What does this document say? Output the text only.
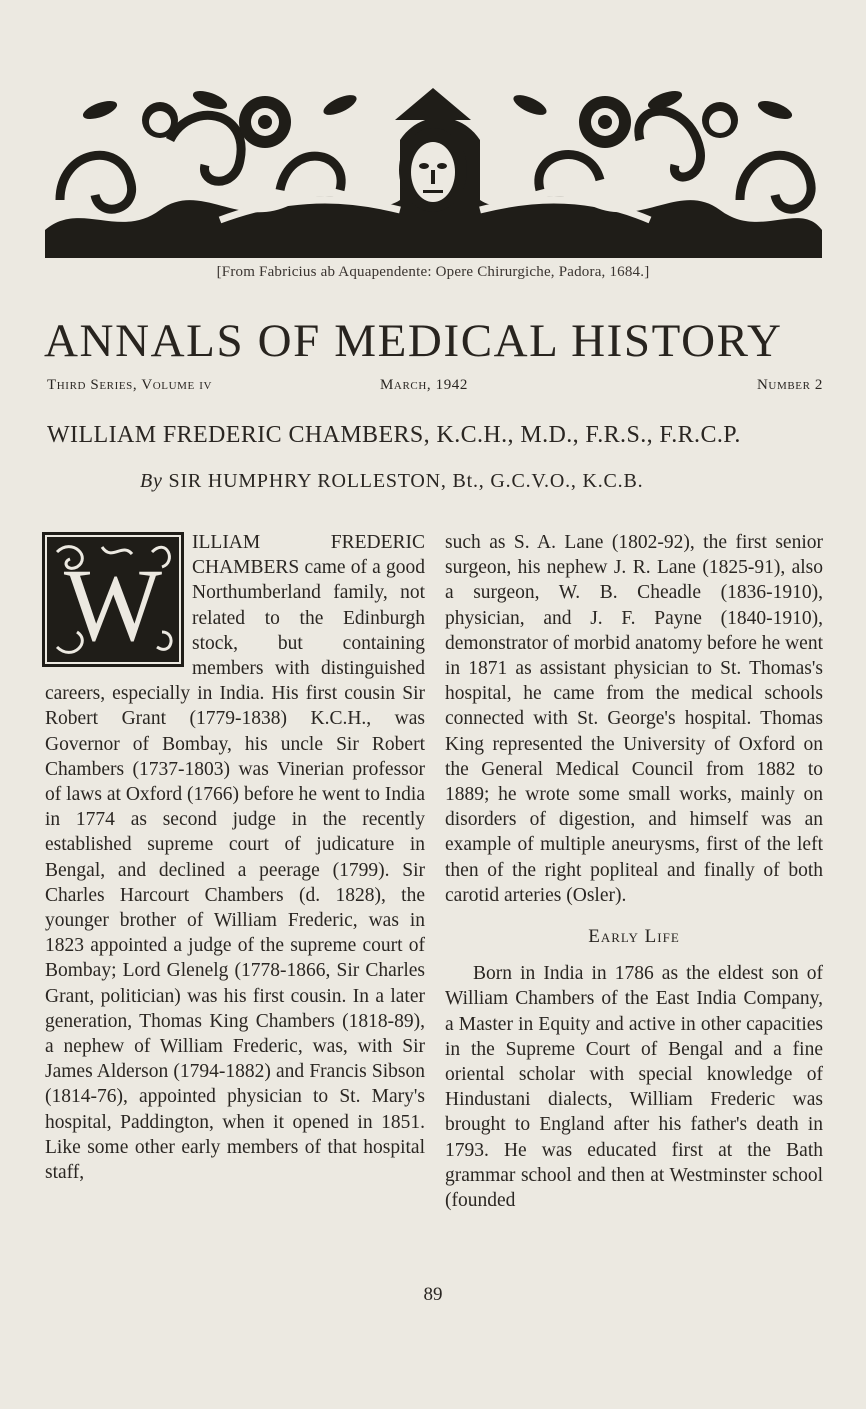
[From Fabricius ab Aquapendente: Opere Chirurgiche, Padora, 1684.]
ANNALS OF MEDICAL HISTORY
Third Series, Volume iv	March, 1942	Number 2
WILLIAM FREDERIC CHAMBERS, K.C.H., M.D., F.R.S., F.R.C.P.
By SIR HUMPHRY ROLLESTON, Bt., G.C.V.O., K.C.B.
W

ILLIAM FREDERIC CHAMBERS came of a good Northumberland family, not related to the Edinburgh stock, but containing members with distinguished careers, especially in India. His first cousin Sir Robert Grant (1779-1838) K.C.H., was Governor of Bombay, his uncle Sir Robert Chambers (1737-1803) was Vinerian professor of laws at Oxford (1766) before he went to India in 1774 as second judge in the recently established supreme court of judicature in Bengal, and declined a peerage (1799). Sir Charles Harcourt Chambers (d. 1828), the younger brother of William Frederic, was in 1823 appointed a judge of the supreme court of Bombay; Lord Glenelg (1778-1866, Sir Charles Grant, politician) was his first cousin. In a later generation, Thomas King Chambers (1818-89), a nephew of William Frederic, was, with Sir James Alderson (1794-1882) and Francis Sibson (1814-76), appointed physician to St. Mary's hospital, Paddington, when it opened in 1851. Like some other early members of that hospital staff,

such as S. A. Lane (1802-92), the first senior surgeon, his nephew J. R. Lane (1825-91), also a surgeon, W. B. Cheadle (1836-1910), physician, and J. F. Payne (1840-1910), demonstrator of morbid anatomy before he went in 1871 as assistant physician to St. Thomas's hospital, he came from the medical schools connected with St. George's hospital. Thomas King represented the University of Oxford on the General Medical Council from 1882 to 1889; he wrote some small works, mainly on disorders of digestion, and himself was an example of multiple aneurysms, first of the left then of the right popliteal and finally of both carotid arteries (Osler).

Early Life

Born in India in 1786 as the eldest son of William Chambers of the East India Company, a Master in Equity and active in other capacities in the Supreme Court of Bengal and a fine oriental scholar with special knowledge of Hindustani dialects, William Frederic was brought to England after his father's death in 1793. He was educated first at the Bath grammar school and then at Westminster school (founded

89
